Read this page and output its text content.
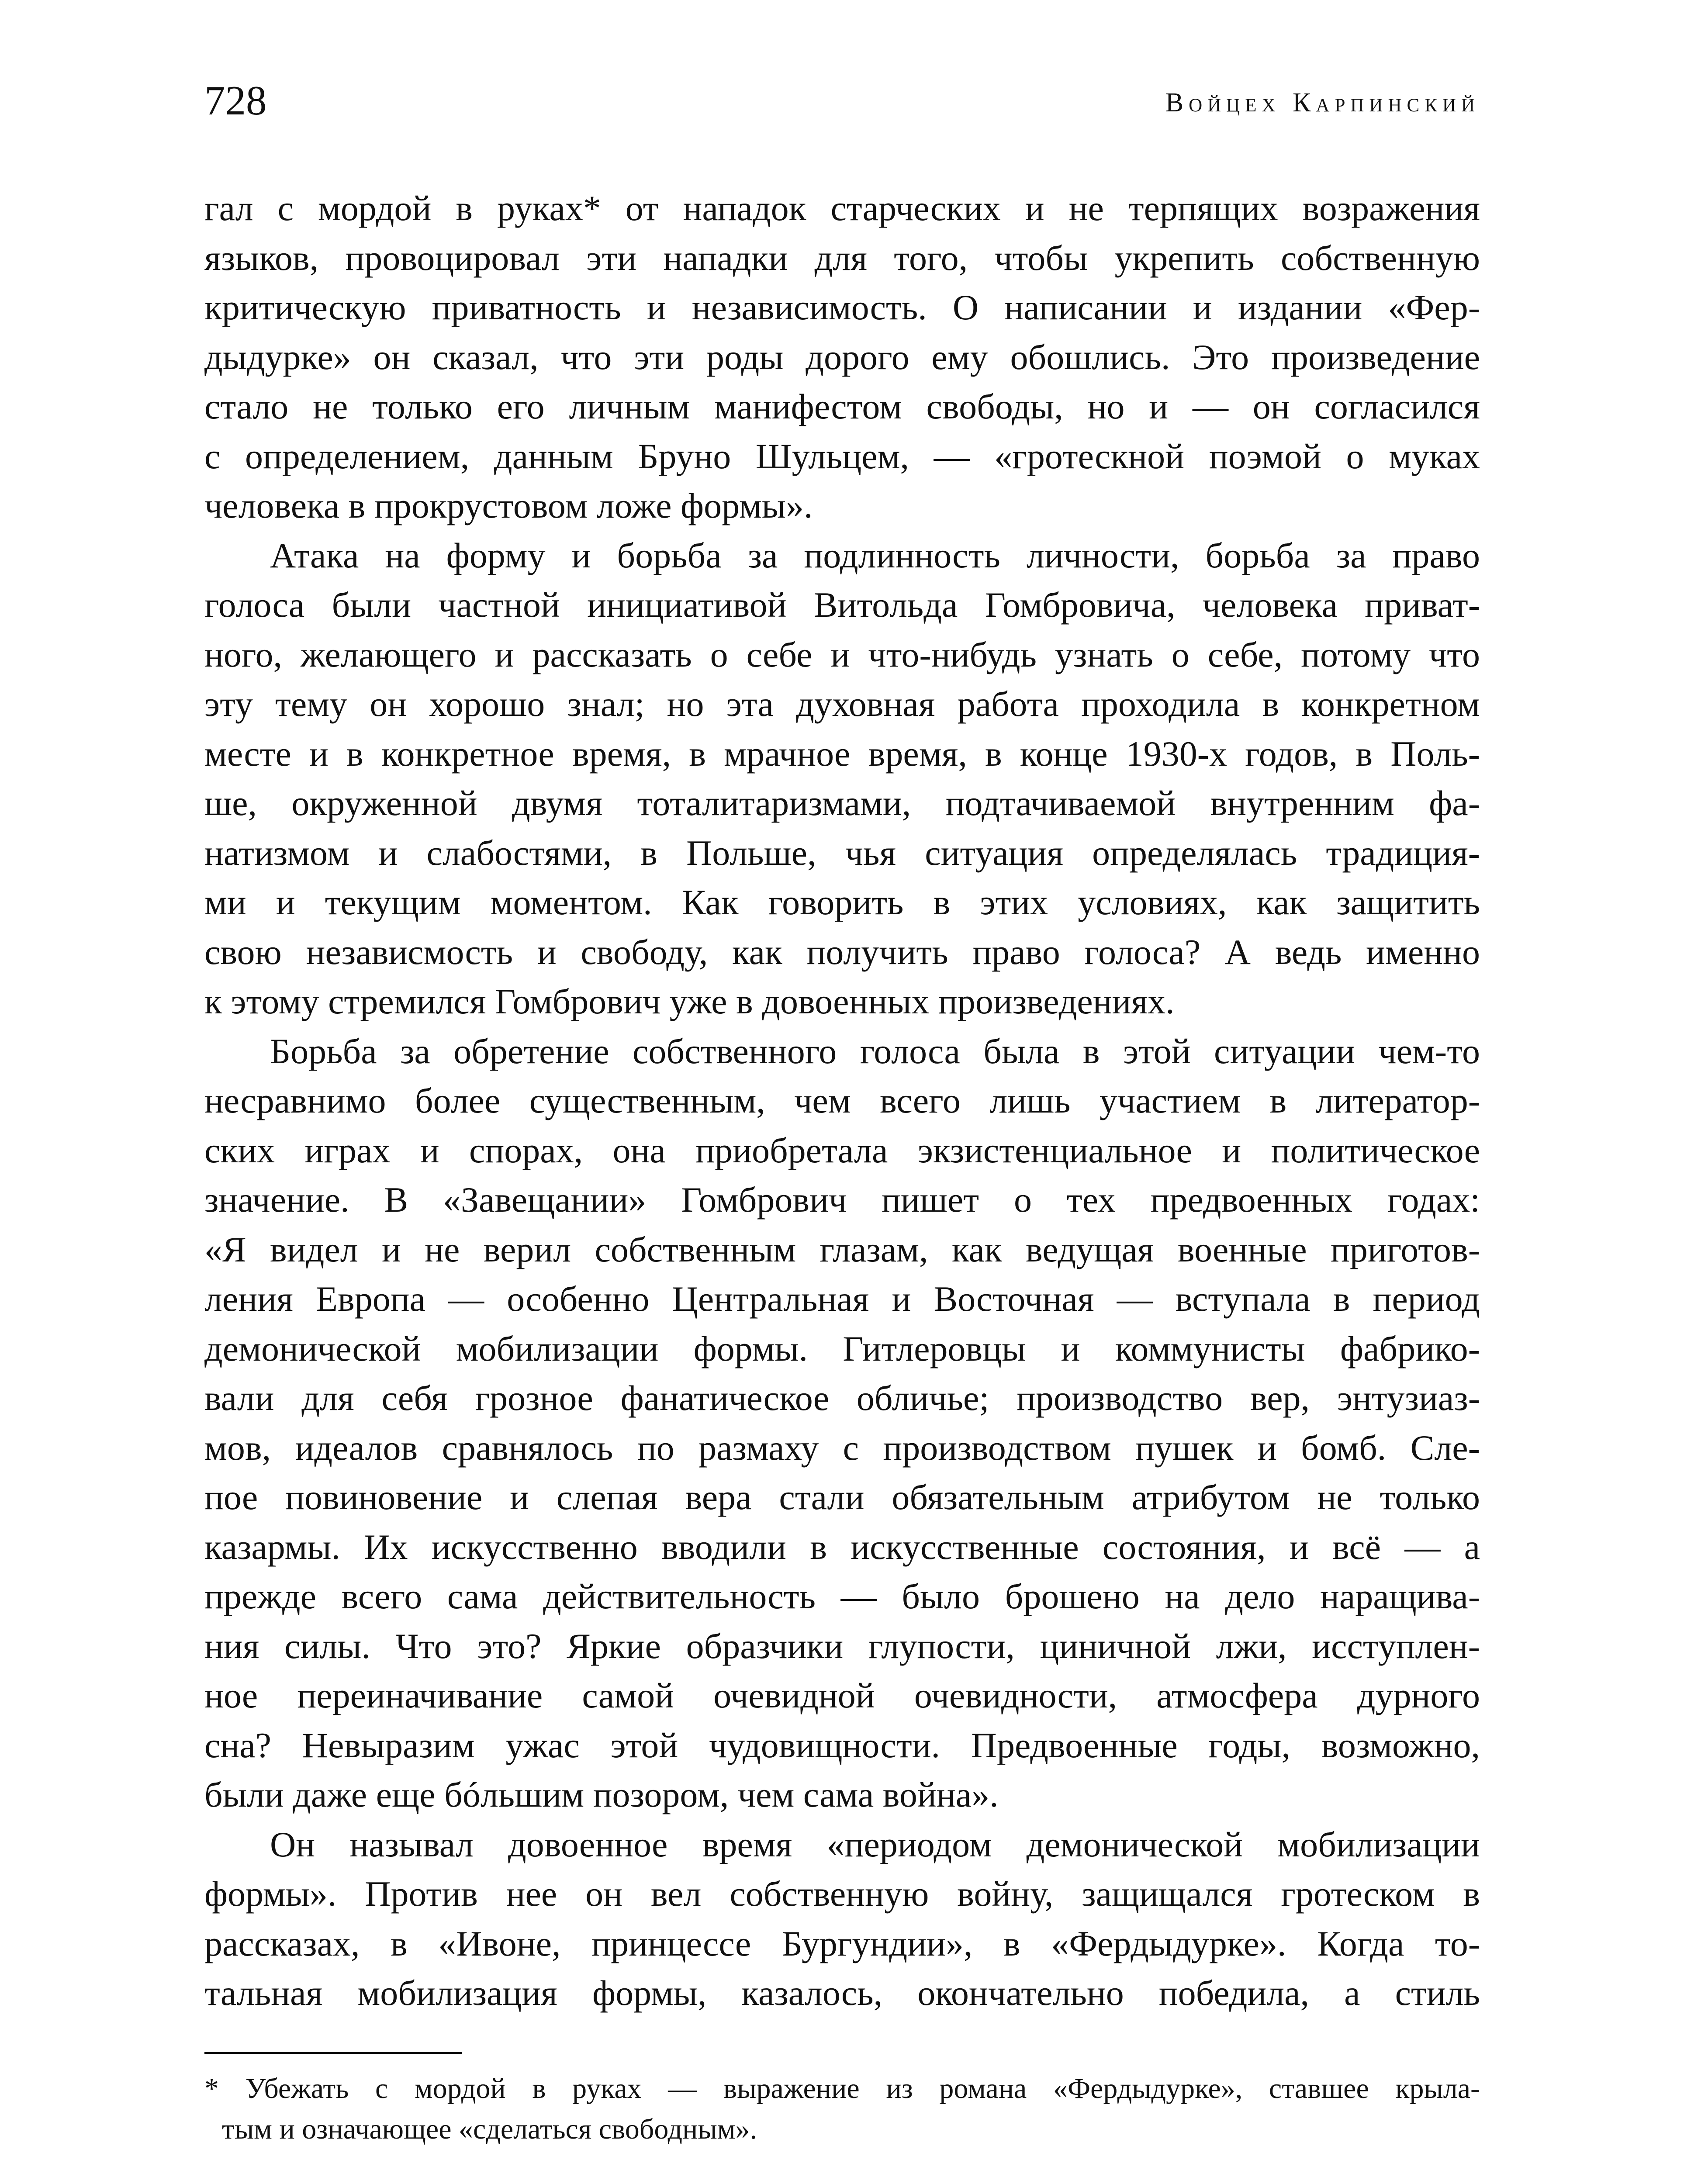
728	Войцех Карпинский

гал с мордой в руках* от нападок старческих и не терпящих возражения
языков, провоцировал эти нападки для того, чтобы укрепить собственную
критическую приватность и независимость. О написании и издании «Фер-
дыдурке» он сказал, что эти роды дорого ему обошлись. Это произведение
стало не только его личным манифестом свободы, но и — он согласился
с определением, данным Бруно Шульцем, — «гротескной поэмой о муках
человека в прокрустовом ложе формы».

Атака на форму и борьба за подлинность личности, борьба за право
голоса были частной инициативой Витольда Гомбровича, человека приват-
ного, желающего и рассказать о себе и что-нибудь узнать о себе, потому что
эту тему он хорошо знал; но эта духовная работа проходила в конкретном
месте и в конкретное время, в мрачное время, в конце 1930-х годов, в Поль-
ше, окруженной двумя тоталитаризмами, подтачиваемой внутренним фа-
натизмом и слабостями, в Польше, чья ситуация определялась традиция-
ми и текущим моментом. Как говорить в этих условиях, как защитить
свою независмость и свободу, как получить право голоса? А ведь именно
к этому стремился Гомбрович уже в довоенных произведениях.

Борьба за обретение собственного голоса была в этой ситуации чем-то
несравнимо более существенным, чем всего лишь участием в литератор-
ских играх и спорах, она приобретала экзистенциальное и политическое
значение. В «Завещании» Гомбрович пишет о тех предвоенных годах:
«Я видел и не верил собственным глазам, как ведущая военные приготов-
ления Европа — особенно Центральная и Восточная — вступала в период
демонической мобилизации формы. Гитлеровцы и коммунисты фабрико-
вали для себя грозное фанатическое обличье; производство вер, энтузиаз-
мов, идеалов сравнялось по размаху с производством пушек и бомб. Сле-
пое повиновение и слепая вера стали обязательным атрибутом не только
казармы. Их искусственно вводили в искусственные состояния, и всё — а
прежде всего сама действительность — было брошено на дело наращива-
ния силы. Что это? Яркие образчики глупости, циничной лжи, исступлен-
ное переиначивание самой очевидной очевидности, атмосфера дурного
сна? Невыразим ужас этой чудовищности. Предвоенные годы, возможно,
были даже еще бóльшим позором, чем сама война».

Он называл довоенное время «периодом демонической мобилизации
формы». Против нее он вел собственную войну, защищался гротеском в
рассказах, в «Ивоне, принцессе Бургундии», в «Фердыдурке». Когда то-
тальная мобилизация формы, казалось, окончательно победила, а стиль

* Убежать с мордой в руках — выражение из романа «Фердыдурке», ставшее крыла-
тым и означающее «сделаться свободным».
